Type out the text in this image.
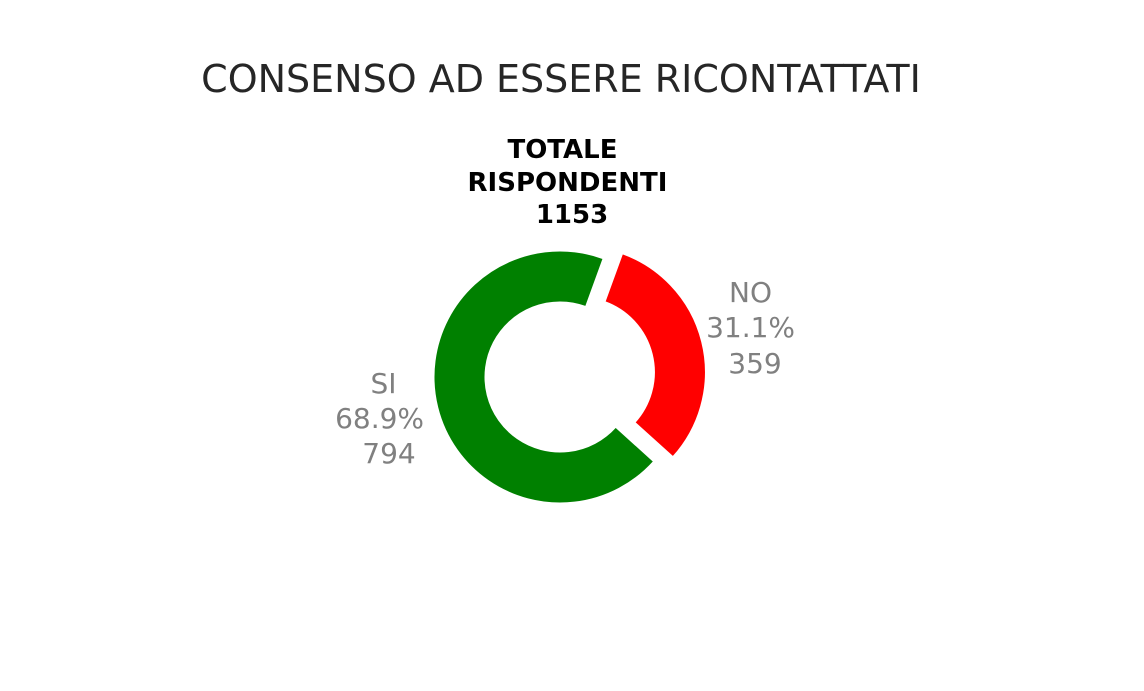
CONSENSO AD ESSERE RICONTATTATI
TOTALE RISPONDENTI 1153
NO 31.1% 359
SI 68.9% 794
